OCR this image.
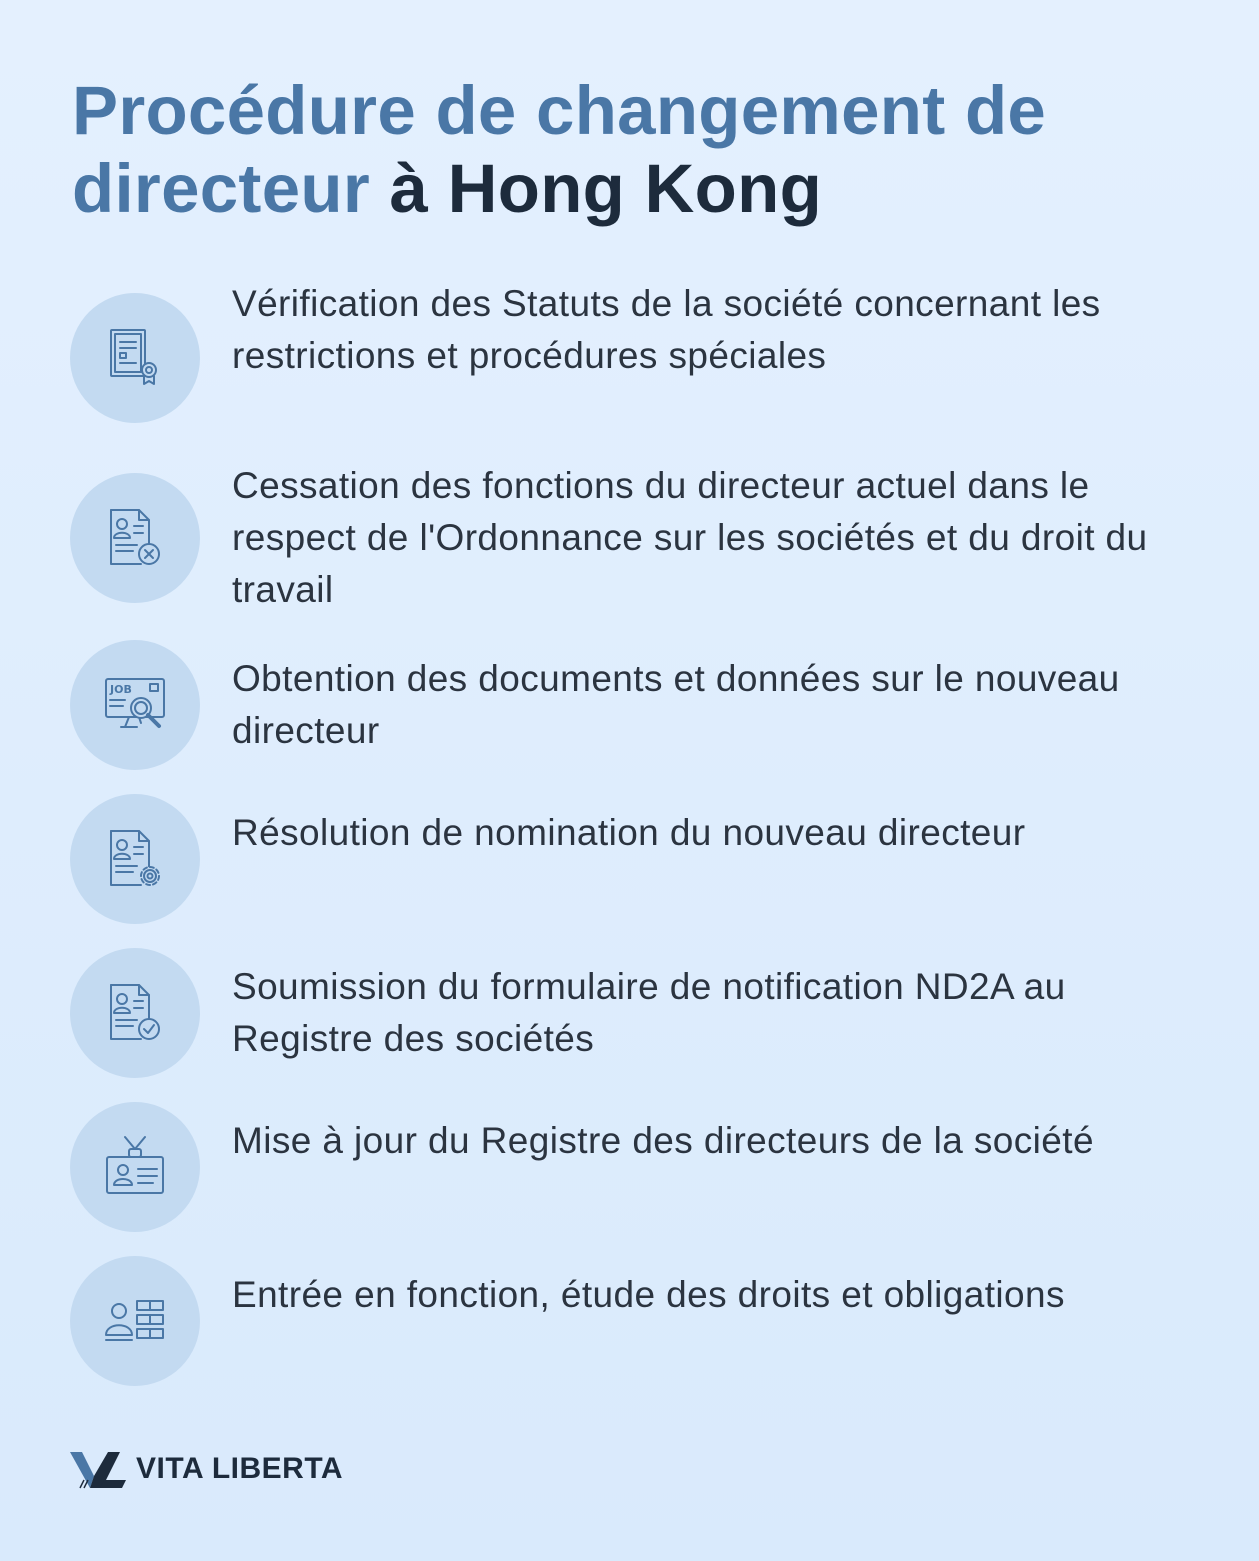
Procédure de changement de directeur à Hong Kong
Vérification des Statuts de la société concernant les restrictions et procédures spéciales
Cessation des fonctions du directeur actuel dans le respect de l'Ordonnance sur les sociétés et du droit du travail
JOB	Obtention des documents et données sur le nouveau directeur
Résolution de nomination du nouveau directeur
Soumission du formulaire de notification ND2A au Registre des sociétés
Mise à jour du Registre des directeurs de la société
Entrée en fonction, étude des droits et obligations
VITA LIBERTA
